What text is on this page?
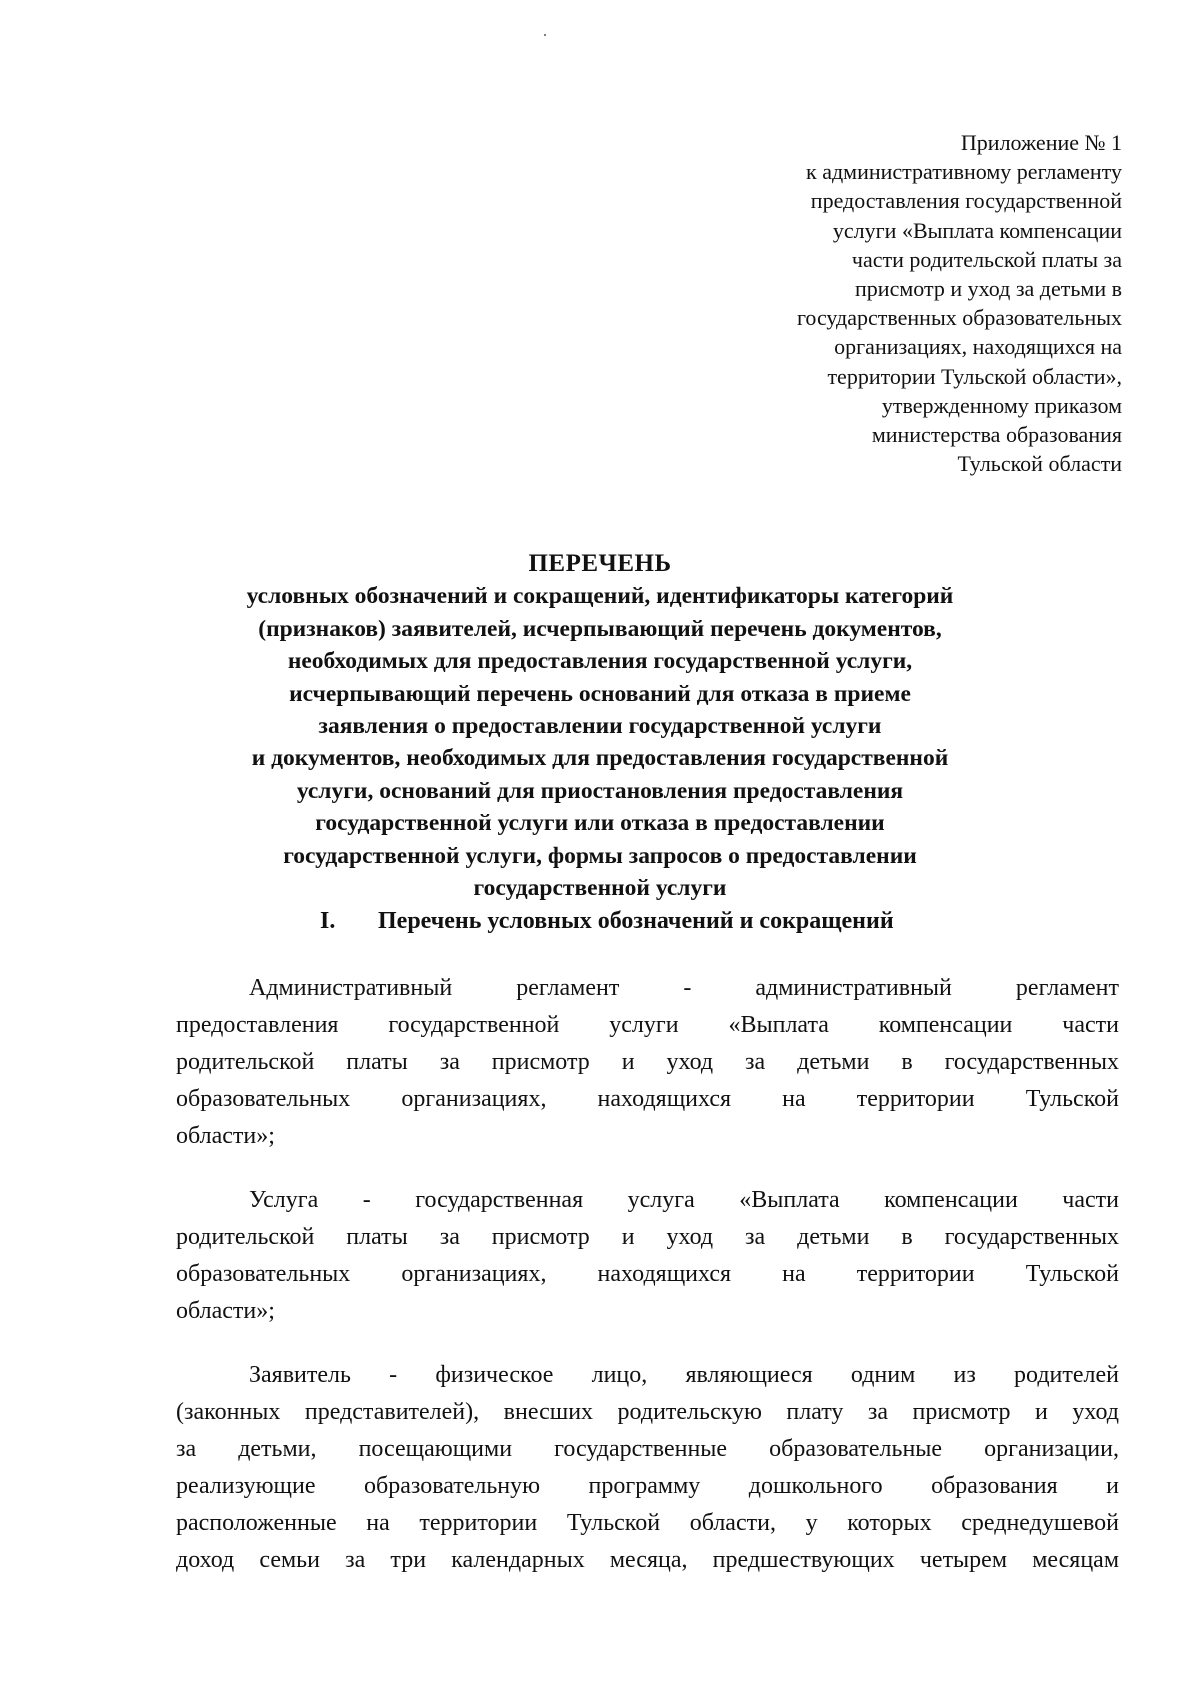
Приложение № 1
к административному регламенту
предоставления государственной
услуги «Выплата компенсации
части родительской платы за
присмотр и уход за детьми в
государственных образовательных
организациях, находящихся на
территории Тульской области»,
утвержденному приказом
министерства образования
Тульской области
ПЕРЕЧЕНЬ
условных обозначений и сокращений, идентификаторы категорий
(признаков) заявителей, исчерпывающий перечень документов,
необходимых для предоставления государственной услуги,
исчерпывающий перечень оснований для отказа в приеме
заявления о предоставлении государственной услуги
и документов, необходимых для предоставления государственной
услуги, оснований для приостановления предоставления
государственной услуги или отказа в предоставлении
государственной услуги, формы запросов о предоставлении
государственной услуги
I. Перечень условных обозначений и сокращений
Административный регламент - административный регламент
предоставления государственной услуги «Выплата компенсации части
родительской платы за присмотр и уход за детьми в государственных
образовательных организациях, находящихся на территории Тульской
области»;
Услуга - государственная услуга «Выплата компенсации части
родительской платы за присмотр и уход за детьми в государственных
образовательных организациях, находящихся на территории Тульской
области»;
Заявитель - физическое лицо, являющиеся одним из родителей
(законных представителей), внесших родительскую плату за присмотр и уход
за детьми, посещающими государственные образовательные организации,
реализующие образовательную программу дошкольного образования и
расположенные на территории Тульской области, у которых среднедушевой
доход семьи за три календарных месяца, предшествующих четырем месяцам
